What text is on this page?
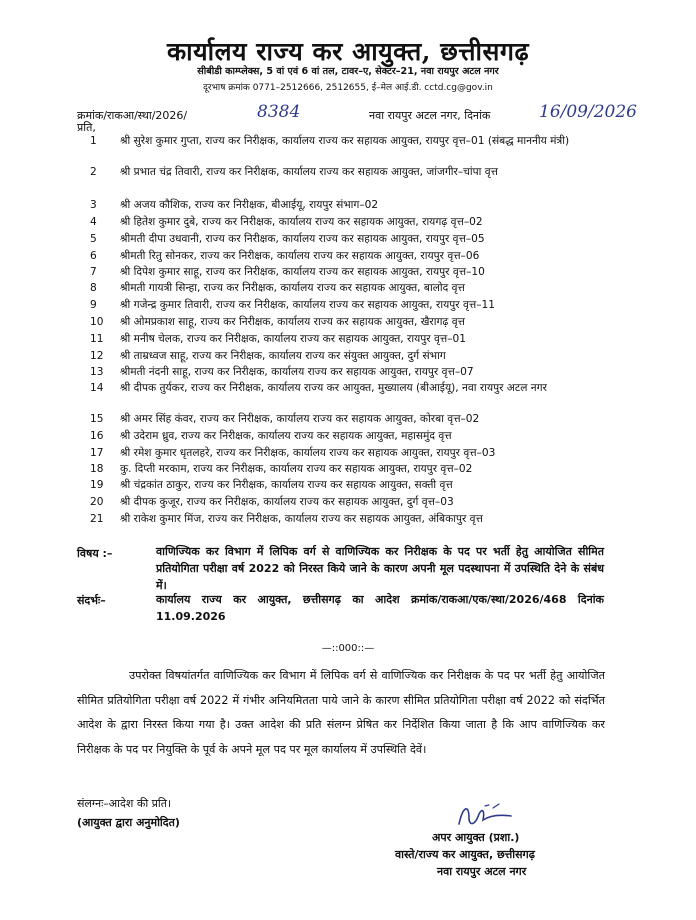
कार्यालय राज्य कर आयुक्त, छत्तीसगढ़
सीबीडी काम्प्लेक्स, 5 वां एवं 6 वां तल, टावर–ए, सेक्टर–21, नवा रायपुर अटल नगर
दूरभाष क्रमांक 0771–2512666, 2512655, ई–मेल आई.डी. cctd.cg@gov.in
क्रमांक/राकआ/स्था/2026/	8384	नवा रायपुर अटल नगर, दिनांक	16/09/2026
प्रति,
1	श्री सुरेश कुमार गुप्ता, राज्य कर निरीक्षक, कार्यालय राज्य कर सहायक आयुक्त, रायपुर वृत्त–01 (संबद्ध माननीय मंत्री)
2	श्री प्रभात चंद्र तिवारी, राज्य कर निरीक्षक, कार्यालय राज्य कर सहायक आयुक्त, जांजगीर–चांपा वृत्त
3	श्री अजय कौशिक, राज्य कर निरीक्षक, बीआईयू, रायपुर संभाग–02
4	श्री हितेश कुमार दुबे, राज्य कर निरीक्षक, कार्यालय राज्य कर सहायक आयुक्त, रायगढ़ वृत्त–02
5	श्रीमती दीपा उधवानी, राज्य कर निरीक्षक, कार्यालय राज्य कर सहायक आयुक्त, रायपुर वृत्त–05
6	श्रीमती रितु सोनकर, राज्य कर निरीक्षक, कार्यालय राज्य कर सहायक आयुक्त, रायपुर वृत्त–06
7	श्री दिपेश कुमार साहू, राज्य कर निरीक्षक, कार्यालय राज्य कर सहायक आयुक्त, रायपुर वृत्त–10
8	श्रीमती गायत्री सिन्हा, राज्य कर निरीक्षक, कार्यालय राज्य कर सहायक आयुक्त, बालोद वृत्त
9	श्री गजेन्द्र कुमार तिवारी, राज्य कर निरीक्षक, कार्यालय राज्य कर सहायक आयुक्त, रायपुर वृत्त–11
10	श्री ओमप्रकाश साहू, राज्य कर निरीक्षक, कार्यालय राज्य कर सहायक आयुक्त, खैरागढ़ वृत्त
11	श्री मनीष चेलक, राज्य कर निरीक्षक, कार्यालय राज्य कर सहायक आयुक्त, रायपुर वृत्त–01
12	श्री ताम्रध्वज साहू, राज्य कर निरीक्षक, कार्यालय राज्य कर संयुक्त आयुक्त, दुर्ग संभाग
13	श्रीमती नंदनी साहू, राज्य कर निरीक्षक, कार्यालय राज्य कर सहायक आयुक्त, रायपुर वृत्त–07
14	श्री दीपक तुर्यकर, राज्य कर निरीक्षक, कार्यालय राज्य कर आयुक्त, मुख्यालय (बीआईयू), नवा रायपुर अटल नगर
15	श्री अमर सिंह कंवर, राज्य कर निरीक्षक, कार्यालय राज्य कर सहायक आयुक्त, कोरबा वृत्त–02
16	श्री उदेराम ध्रुव, राज्य कर निरीक्षक, कार्यालय राज्य कर सहायक आयुक्त, महासमुंद वृत्त
17	श्री रमेश कुमार धृतलहरे, राज्य कर निरीक्षक, कार्यालय राज्य कर सहायक आयुक्त, रायपुर वृत्त–03
18	कु. दिप्ती मरकाम, राज्य कर निरीक्षक, कार्यालय राज्य कर सहायक आयुक्त, रायपुर वृत्त–02
19	श्री चंद्रकांत ठाकुर, राज्य कर निरीक्षक, कार्यालय राज्य कर सहायक आयुक्त, सक्ती वृत्त
20	श्री दीपक कुजूर, राज्य कर निरीक्षक, कार्यालय राज्य कर सहायक आयुक्त, दुर्ग वृत्त–03
21	श्री राकेश कुमार मिंज, राज्य कर निरीक्षक, कार्यालय राज्य कर सहायक आयुक्त, अंबिकापुर वृत्त
विषय :–	वाणिज्यिक कर विभाग में लिपिक वर्ग से वाणिज्यिक कर निरीक्षक के पद पर भर्ती हेतु आयोजित सीमित प्रतियोगिता परीक्षा वर्ष 2022 को निरस्त किये जाने के कारण अपनी मूल पदस्थापना में उपस्थिति देने के संबंध में।
संदर्भः–	कार्यालय राज्य कर आयुक्त, छत्तीसगढ़ का आदेश क्रमांक/राकआ/एक/स्था/2026/468 दिनांक 11.09.2026
—::000::—
उपरोक्त विषयांतर्गत वाणिज्यिक कर विभाग में लिपिक वर्ग से वाणिज्यिक कर निरीक्षक के पद पर भर्ती हेतु आयोजित सीमित प्रतियोगिता परीक्षा वर्ष 2022 में गंभीर अनियमितता पाये जाने के कारण सीमित प्रतियोगिता परीक्षा वर्ष 2022 को संदर्भित आदेश के द्वारा निरस्त किया गया है। उक्त आदेश की प्रति संलग्न प्रेषित कर निर्देशित किया जाता है कि आप वाणिज्यिक कर निरीक्षक के पद पर नियुक्ति के पूर्व के अपने मूल पद पर मूल कार्यालय में उपस्थिति देवें।
संलग्नः–आदेश की प्रति।
(आयुक्त द्वारा अनुमोदित)
अपर आयुक्त (प्रशा.)
वास्ते/राज्य कर आयुक्त, छत्तीसगढ़
नवा रायपुर अटल नगर
